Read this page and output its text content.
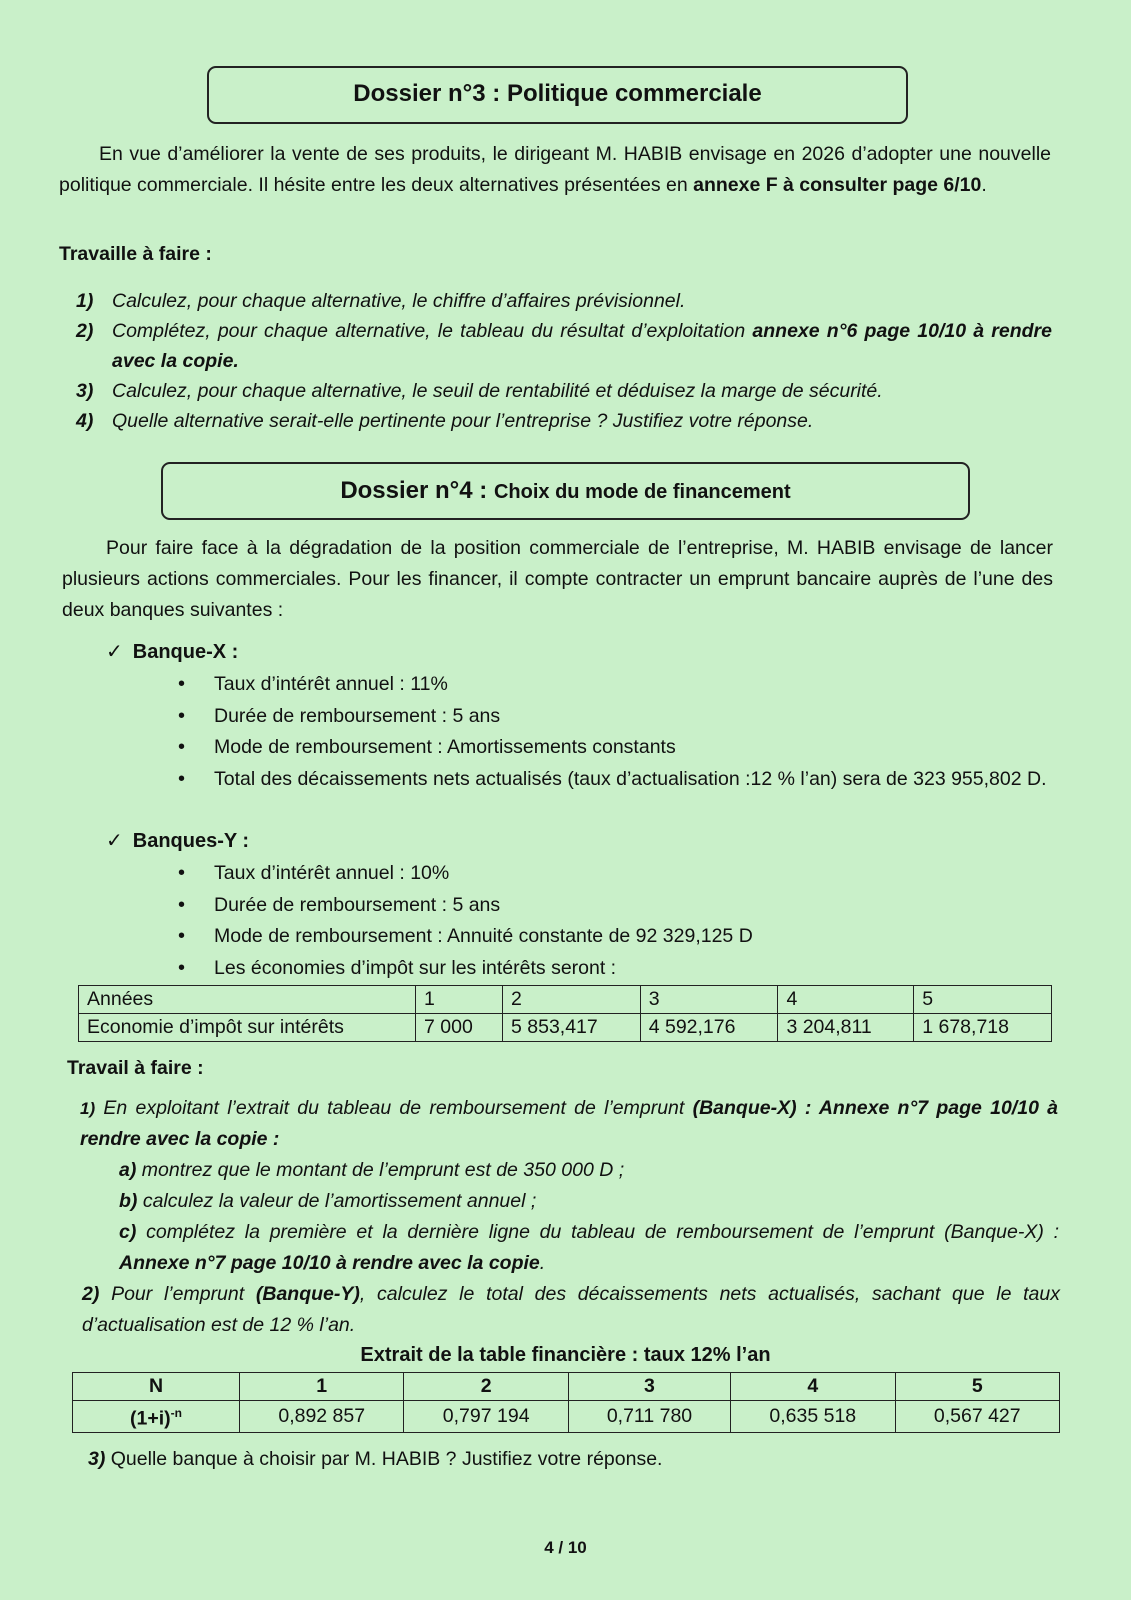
Dossier n°3 : Politique commerciale

En vue d’améliorer la vente de ses produits, le dirigeant M. HABIB envisage en 2026 d’adopter une nouvelle politique commerciale. Il hésite entre les deux alternatives présentées en annexe F à consulter page 6/10.

Travaille à faire :

1) Calculez, pour chaque alternative, le chiffre d’affaires prévisionnel.
2) Complétez, pour chaque alternative, le tableau du résultat d’exploitation annexe n°6 page 10/10 à rendre avec la copie.
3) Calculez, pour chaque alternative, le seuil de rentabilité et déduisez la marge de sécurité.
4) Quelle alternative serait-elle pertinente pour l’entreprise ? Justifiez votre réponse.
Dossier n°4 : Choix du mode de financement

Pour faire face à la dégradation de la position commerciale de l’entreprise, M. HABIB envisage de lancer plusieurs actions commerciales. Pour les financer, il compte contracter un emprunt bancaire auprès de l’une des deux banques suivantes :

✓ Banque-X :
• Taux d’intérêt annuel : 11%
• Durée de remboursement : 5 ans
• Mode de remboursement : Amortissements constants
• Total des décaissements nets actualisés (taux d’actualisation :12 % l’an) sera de 323 955,802 D.
✓ Banques-Y :
• Taux d’intérêt annuel : 10%
• Durée de remboursement : 5 ans
• Mode de remboursement : Annuité constante de 92 329,125 D
• Les économies d’impôt sur les intérêts seront :
Années	1	2	3	4	5
Economie d’impôt sur intérêts	7 000	5 853,417	4 592,176	3 204,811	1 678,718

Travail à faire :

1) En exploitant l’extrait du tableau de remboursement de l’emprunt (Banque-X) : Annexe n°7 page 10/10 à rendre avec la copie :

a) montrez que le montant de l’emprunt est de 350 000 D ;

b) calculez la valeur de l’amortissement annuel ;

c) complétez la première et la dernière ligne du tableau de remboursement de l’emprunt (Banque-X) : Annexe n°7 page 10/10 à rendre avec la copie.

2) Pour l’emprunt (Banque-Y), calculez le total des décaissements nets actualisés, sachant que le taux d’actualisation est de 12 % l’an.

Extrait de la table financière : taux 12% l’an
N	1	2	3	4	5
$(1+i)^{-n}$	0,892 857	0,797 194	0,711 780	0,635 518	0,567 427

3) Quelle banque à choisir par M. HABIB ? Justifiez votre réponse.

4 / 10
